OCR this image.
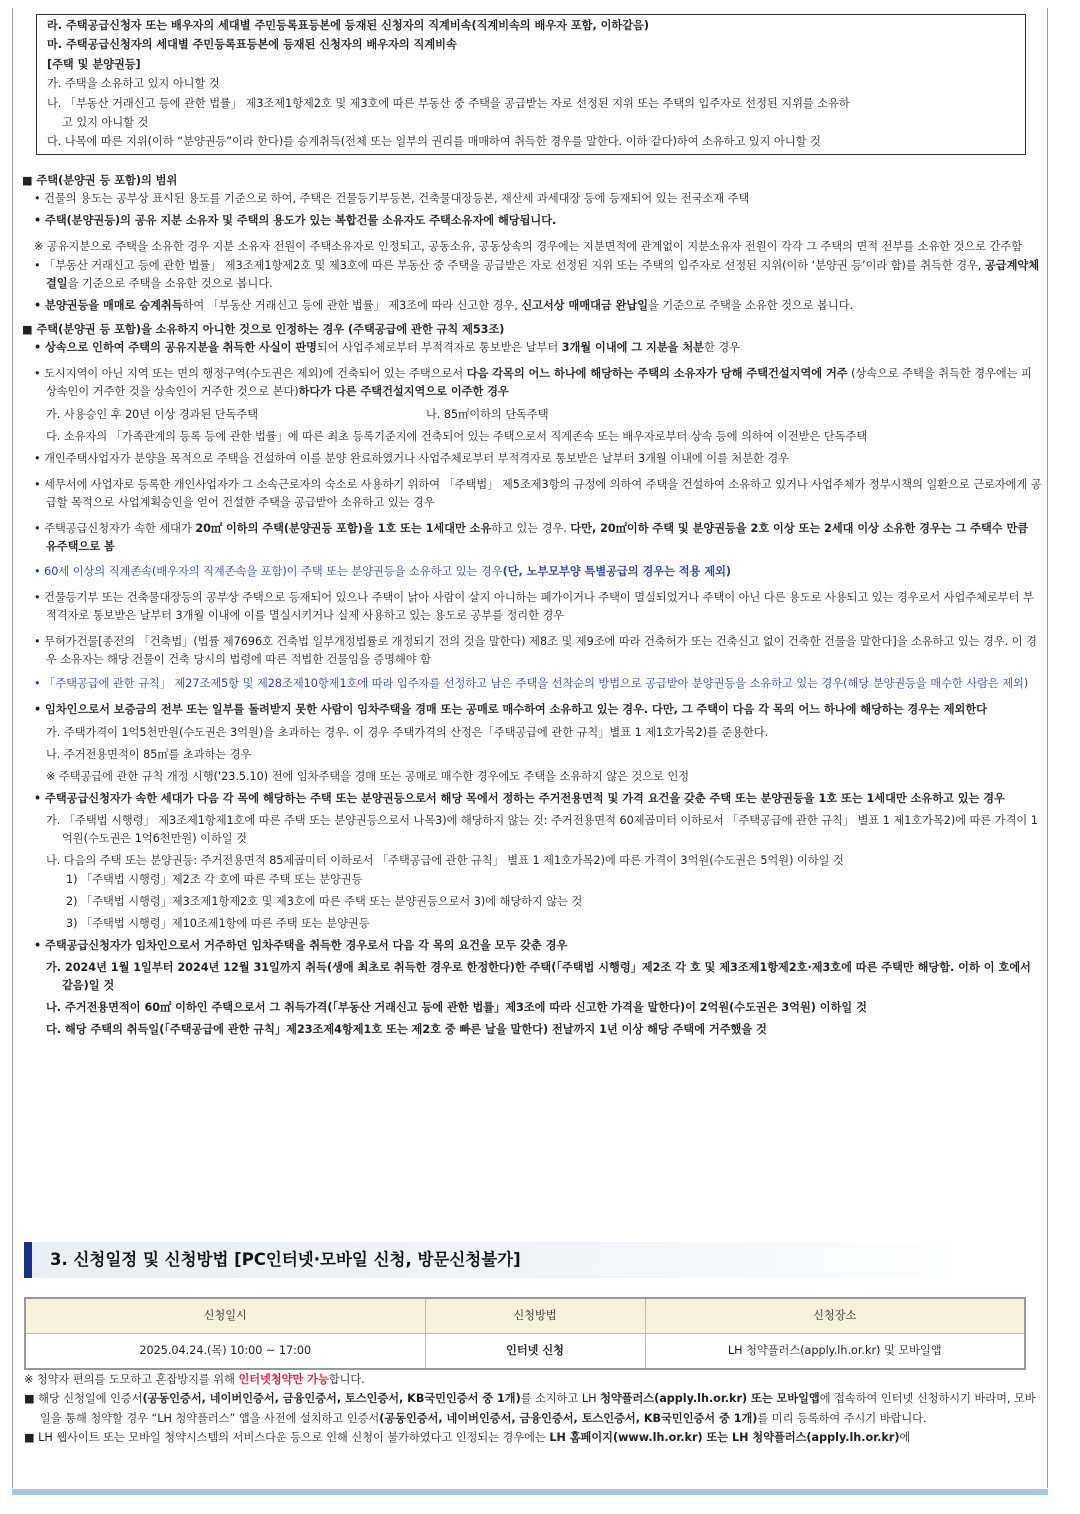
라. 주택공급신청자 또는 배우자의 세대별 주민등록표등본에 등재된 신청자의 직계비속(직계비속의 배우자 포함, 이하같음)

마. 주택공급신청자의 세대별 주민등록표등본에 등재된 신청자의 배우자의 직계비속

[주택 및 분양권등]

가. 주택을 소유하고 있지 아니할 것

나. 「부동산 거래신고 등에 관한 법률」 제3조제1항제2호 및 제3호에 따른 부동산 중 주택을 공급받는 자로 선정된 지위 또는 주택의 입주자로 선정된 지위를 소유하

고 있지 아니할 것

다. 나목에 따른 지위(이하 “분양권등”이라 한다)를 승계취득(전체 또는 일부의 권리를 매매하여 취득한 경우를 말한다. 이하 같다)하여 소유하고 있지 아니할 것

■ 주택(분양권 등 포함)의 범위

• 건물의 용도는 공부상 표시된 용도를 기준으로 하여, 주택은 건물등기부등본, 건축물대장등본, 재산세 과세대장 등에 등재되어 있는 전국소재 주택

• 주택(분양권등)의 공유 지분 소유자 및 주택의 용도가 있는 복합건물 소유자도 주택소유자에 해당됩니다.

※ 공유지분으로 주택을 소유한 경우 지분 소유자 전원이 주택소유자로 인정되고, 공동소유, 공동상속의 경우에는 지분면적에 관계없이 지분소유자 전원이 각각 그 주택의 면적 전부를 소유한 것으로 간주함

• 「부동산 거래신고 등에 관한 법률」 제3조제1항제2호 및 제3호에 따른 부동산 중 주택을 공급받은 자로 선정된 지위 또는 주택의 입주자로 선정된 지위(이하 ‘분양권 등’이라 함)를 취득한 경우, 공급계약체결일을 기준으로 주택을 소유한 것으로 봅니다.

• 분양권등을 매매로 승계취득하여 「부동산 거래신고 등에 관한 법률」 제3조에 따라 신고한 경우, 신고서상 매매대금 완납일을 기준으로 주택을 소유한 것으로 봅니다.

■ 주택(분양권 등 포함)을 소유하지 아니한 것으로 인정하는 경우 (주택공급에 관한 규칙 제53조)

• 상속으로 인하여 주택의 공유지분을 취득한 사실이 판명되어 사업주체로부터 부적격자로 통보받은 날부터 3개월 이내에 그 지분을 처분한 경우

• 도시지역이 아닌 지역 또는 면의 행정구역(수도권은 제외)에 건축되어 있는 주택으로서 다음 각목의 어느 하나에 해당하는 주택의 소유자가 당해 주택건설지역에 거주 (상속으로 주택을 취득한 경우에는 피상속인이 거주한 것을 상속인이 거주한 것으로 본다)하다가 다른 주택건설지역으로 이주한 경우

가. 사용승인 후 20년 이상 경과된 단독주택	나. 85㎡이하의 단독주택

다. 소유자의 「가족관계의 등록 등에 관한 법률」에 따른 최초 등록기준지에 건축되어 있는 주택으로서 직계존속 또는 배우자로부터 상속 등에 의하여 이전받은 단독주택

• 개인주택사업자가 분양을 목적으로 주택을 건설하여 이를 분양 완료하였거나 사업주체로부터 부적격자로 통보받은 날부터 3개월 이내에 이를 처분한 경우

• 세무서에 사업자로 등록한 개인사업자가 그 소속근로자의 숙소로 사용하기 위하여 「주택법」 제5조제3항의 규정에 의하여 주택을 건설하여 소유하고 있거나 사업주체가 정부시책의 일환으로 근로자에게 공급할 목적으로 사업계획승인을 얻어 건설한 주택을 공급받아 소유하고 있는 경우

• 주택공급신청자가 속한 세대가 20㎡ 이하의 주택(분양권등 포함)을 1호 또는 1세대만 소유하고 있는 경우. 다만, 20㎡이하 주택 및 분양권등을 2호 이상 또는 2세대 이상 소유한 경우는 그 주택수 만큼 유주택으로 봄

• 60세 이상의 직계존속(배우자의 직계존속을 포함)이 주택 또는 분양권등을 소유하고 있는 경우(단, 노부모부양 특별공급의 경우는 적용 제외)

• 건물등기부 또는 건축물대장등의 공부상 주택으로 등재되어 있으나 주택이 낡아 사람이 살지 아니하는 폐가이거나 주택이 멸실되었거나 주택이 아닌 다른 용도로 사용되고 있는 경우로서 사업주체로부터 부적격자로 통보받은 날부터 3개월 이내에 이를 멸실시키거나 실제 사용하고 있는 용도로 공부를 정리한 경우

• 무허가건물[종전의 「건축법」(법률 제7696호 건축법 일부개정법률로 개정되기 전의 것을 말한다) 제8조 및 제9조에 따라 건축허가 또는 건축신고 없이 건축한 건물을 말한다]을 소유하고 있는 경우. 이 경우 소유자는 해당 건물이 건축 당시의 법령에 따른 적법한 건물임을 증명해야 함

• 「주택공급에 관한 규칙」 제27조제5항 및 제28조제10항제1호에 따라 입주자를 선정하고 남은 주택을 선착순의 방법으로 공급받아 분양권등을 소유하고 있는 경우(해당 분양권등을 매수한 사람은 제외)

• 임차인으로서 보증금의 전부 또는 일부를 돌려받지 못한 사람이 임차주택을 경매 또는 공매로 매수하여 소유하고 있는 경우. 다만, 그 주택이 다음 각 목의 어느 하나에 해당하는 경우는 제외한다

가. 주택가격이 1억5천만원(수도권은 3억원)을 초과하는 경우. 이 경우 주택가격의 산정은「주택공급에 관한 규칙」별표 1 제1호가목2)를 준용한다.

나. 주거전용면적이 85㎡를 초과하는 경우

※ 주택공급에 관한 규칙 개정 시행('23.5.10) 전에 임차주택을 경매 또는 공매로 매수한 경우에도 주택을 소유하지 않은 것으로 인정

• 주택공급신청자가 속한 세대가 다음 각 목에 해당하는 주택 또는 분양권등으로서 해당 목에서 정하는 주거전용면적 및 가격 요건을 갖춘 주택 또는 분양권등을 1호 또는 1세대만 소유하고 있는 경우

가. 「주택법 시행령」 제3조제1항제1호에 따른 주택 또는 분양권등으로서 나목3)에 해당하지 않는 것: 주거전용면적 60제곱미터 이하로서 「주택공급에 관한 규칙」 별표 1 제1호가목2)에 따른 가격이 1억원(수도권은 1억6천만원) 이하일 것

나. 다음의 주택 또는 분양권등: 주거전용면적 85제곱미터 이하로서 「주택공급에 관한 규칙」 별표 1 제1호가목2)에 따른 가격이 3억원(수도권은 5억원) 이하일 것

1) 「주택법 시행령」제2조 각 호에 따른 주택 또는 분양권등

2) 「주택법 시행령」제3조제1항제2호 및 제3호에 따른 주택 또는 분양권등으로서 3)에 해당하지 않는 것

3) 「주택법 시행령」제10조제1항에 따른 주택 또는 분양권등

• 주택공급신청자가 임차인으로서 거주하던 임차주택을 취득한 경우로서 다음 각 목의 요건을 모두 갖춘 경우

가. 2024년 1월 1일부터 2024년 12월 31일까지 취득(생애 최초로 취득한 경우로 한정한다)한 주택(「주택법 시행령」제2조 각 호 및 제3조제1항제2호·제3호에 따른 주택만 해당함. 이하 이 호에서 같음)일 것

나. 주거전용면적이 60㎡ 이하인 주택으로서 그 취득가격(「부동산 거래신고 등에 관한 법률」제3조에 따라 신고한 가격을 말한다)이 2억원(수도권은 3억원) 이하일 것

다. 해당 주택의 취득일(「주택공급에 관한 규칙」제23조제4항제1호 또는 제2호 중 빠른 날을 말한다) 전날까지 1년 이상 해당 주택에 거주했을 것

3. 신청일정 및 신청방법 [PC인터넷·모바일 신청, 방문신청불가]
신청일시	신청방법	신청장소
2025.04.24.(목) 10:00 ~ 17:00	인터넷 신청	LH 청약플러스(apply.lh.or.kr) 및 모바일앱

※ 청약자 편의를 도모하고 혼잡방지를 위해 인터넷청약만 가능합니다.

■ 해당 신청일에 인증서(공동인증서, 네이버인증서, 금융인증서, 토스인증서, KB국민인증서 중 1개)를 소지하고 LH 청약플러스(apply.lh.or.kr) 또는 모바일앱에 접속하여 인터넷 신청하시기 바라며, 모바일을 통해 청약할 경우 “LH 청약플러스” 앱을 사전에 설치하고 인증서(공동인증서, 네이버인증서, 금융인증서, 토스인증서, KB국민인증서 중 1개)를 미리 등록하여 주시기 바랍니다.

■ LH 웹사이트 또는 모바일 청약시스템의 서비스다운 등으로 인해 신청이 불가하였다고 인정되는 경우에는 LH 홈페이지(www.lh.or.kr) 또는 LH 청약플러스(apply.lh.or.kr)에
